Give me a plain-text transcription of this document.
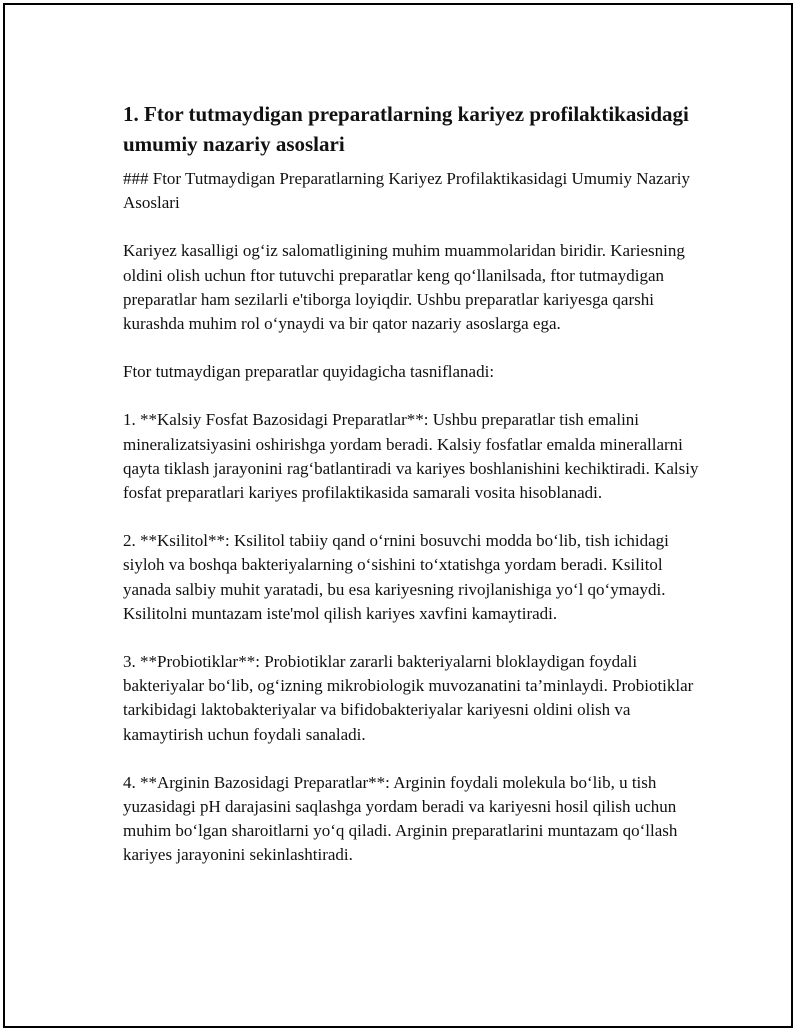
1. Ftor tutmaydigan preparatlarning kariyez profilaktikasidagi umumiy nazariy asoslari

### Ftor Tutmaydigan Preparatlarning Kariyez Profilaktikasidagi Umumiy Nazariy Asoslari

Kariyez kasalligi og‘iz salomatligining muhim muammolaridan biridir. Kariesning oldini olish uchun ftor tutuvchi preparatlar keng qo‘llanilsada, ftor tutmaydigan preparatlar ham sezilarli e'tiborga loyiqdir. Ushbu preparatlar kariyesga qarshi kurashda muhim rol o‘ynaydi va bir qator nazariy asoslarga ega.

Ftor tutmaydigan preparatlar quyidagicha tasniflanadi:

1. **Kalsiy Fosfat Bazosidagi Preparatlar**: Ushbu preparatlar tish emalini mineralizatsiyasini oshirishga yordam beradi. Kalsiy fosfatlar emalda minerallarni qayta tiklash jarayonini rag‘batlantiradi va kariyes boshlanishini kechiktiradi. Kalsiy fosfat preparatlari kariyes profilaktikasida samarali vosita hisoblanadi.

2. **Ksilitol**: Ksilitol tabiiy qand o‘rnini bosuvchi modda bo‘lib, tish ichidagi siyloh va boshqa bakteriyalarning o‘sishini to‘xtatishga yordam beradi. Ksilitol yanada salbiy muhit yaratadi, bu esa kariyesning rivojlanishiga yo‘l qo‘ymaydi. Ksilitolni muntazam iste'mol qilish kariyes xavfini kamaytiradi.

3. **Probiotiklar**: Probiotiklar zararli bakteriyalarni bloklaydigan foydali bakteriyalar bo‘lib, og‘izning mikrobiologik muvozanatini ta’minlaydi. Probiotiklar tarkibidagi laktobakteriyalar va bifidobakteriyalar kariyesni oldini olish va kamaytirish uchun foydali sanaladi.

4. **Arginin Bazosidagi Preparatlar**: Arginin foydali molekula bo‘lib, u tish yuzasidagi pH darajasini saqlashga yordam beradi va kariyesni hosil qilish uchun muhim bo‘lgan sharoitlarni yo‘q qiladi. Arginin preparatlarini muntazam qo‘llash kariyes jarayonini sekinlashtiradi.
